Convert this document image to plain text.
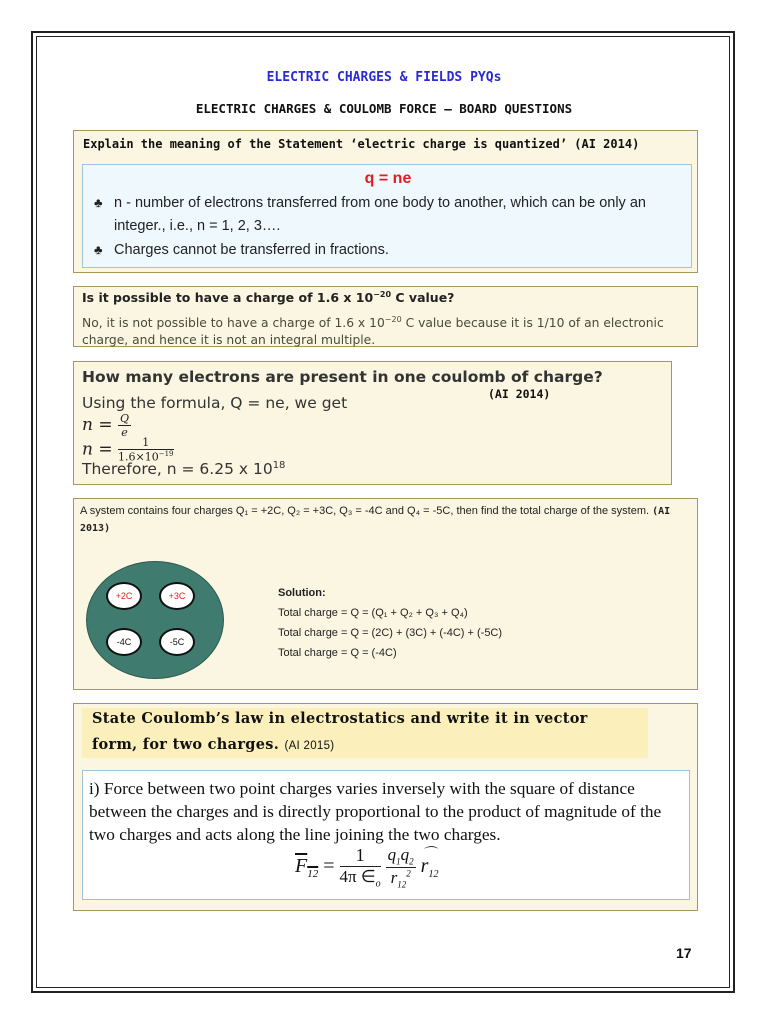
ELECTRIC CHARGES & FIELDS PYQs
ELECTRIC CHARGES & COULOMB FORCE – BOARD QUESTIONS
Explain the meaning of the Statement ‘electric charge is quantized’ (AI 2014)
q = ne
♣ n - number of electrons transferred from one body to another, which can be only an
integer., i.e., n = 1, 2, 3….
♣ Charges cannot be transferred in fractions.
Is it possible to have a charge of 1.6 x $10^{-20}$ C value?
No, it is not possible to have a charge of 1.6 x $10^{-20}$ C value because it is 1/10 of an electronic charge, and hence it is not an integral multiple.
How many electrons are present in one coulomb of charge?
(AI 2014)
Using the formula, Q = ne, we get
$n = \frac{Q}{e}$
$n = \frac{1}{1.6\times 10^{-19}}$
Therefore, n = 6.25 x $10^{18}$
A system contains four charges Q₁ = +2C, Q₂ = +3C, Q₃ = -4C and Q₄ = -5C, then find the total charge of the system. (AI 2013)
+2C	+3C
-4C	-5C
Solution:
Total charge = Q = (Q₁ + Q₂ + Q₃ + Q₄)
Total charge = Q = (2C) + (3C) + (-4C) + (-5C)
Total charge = Q = (-4C)
State Coulomb’s law in electrostatics and write it in vector
form, for two charges. (AI 2015)
i) Force between two point charges varies inversely with the square of distance between the charges and is directly proportional to the product of magnitude of the two charges and acts along the line joining the two charges.
$F_{12} = \frac{1}{4\pi \in_o}$
$\frac{q_1q_2}{r_{12}^2}$
⌒
$r_{12}$
17
